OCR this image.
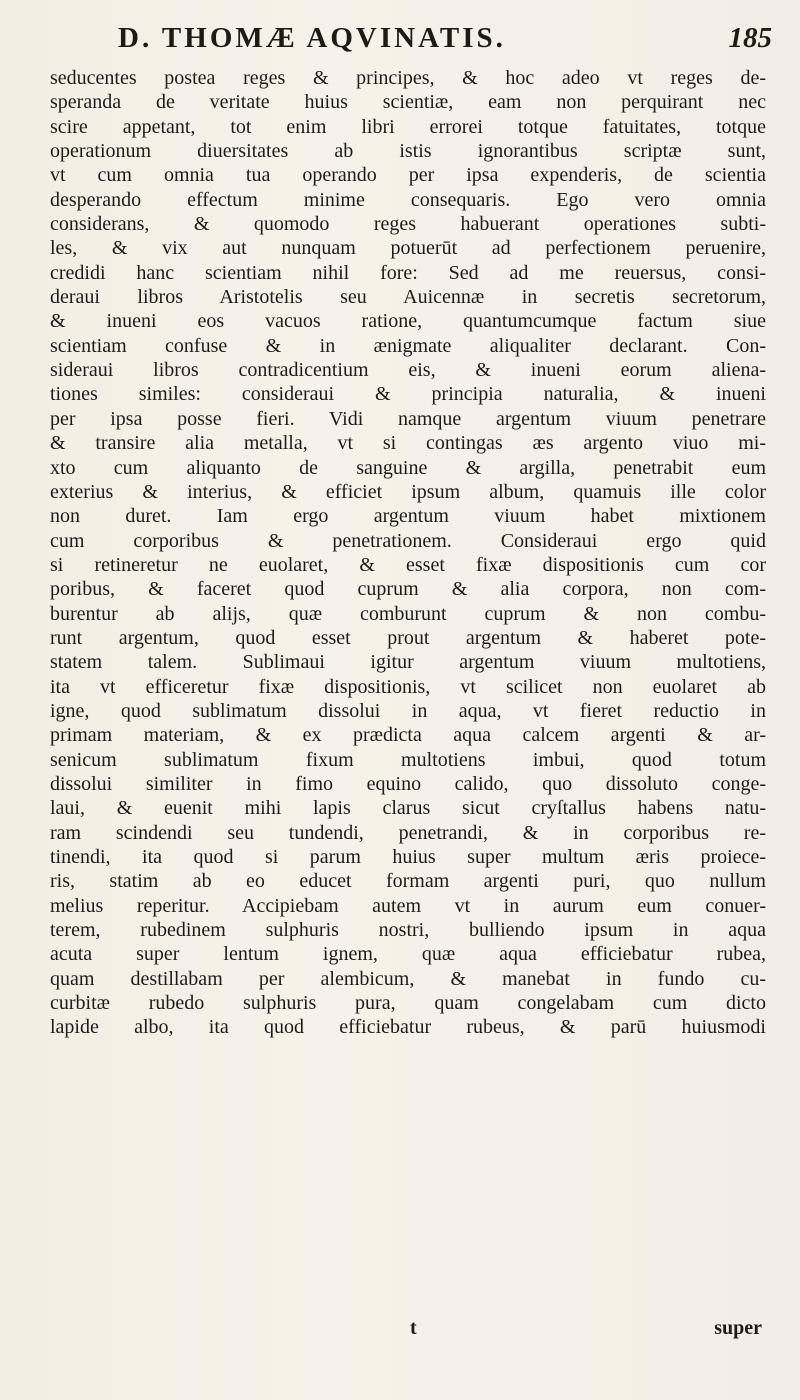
D. THOMÆ AQVINATIS.	185
seducentes postea reges & principes, & hoc adeo vt reges de-
speranda de veritate huius scientiæ, eam non perquirant nec
scire appetant, tot enim libri errorei totque fatuitates, totque
operationum diuersitates ab istis ignorantibus scriptæ sunt,
vt cum omnia tua operando per ipsa expenderis, de scientia
desperando effectum minime consequaris. Ego vero omnia
considerans, & quomodo reges habuerant operationes subti-
les, & vix aut nunquam potuerūt ad perfectionem peruenire,
credidi hanc scientiam nihil fore: Sed ad me reuersus, consi-
deraui libros Aristotelis seu Auicennæ in secretis secretorum,
& inueni eos vacuos ratione, quantumcumque factum siue
scientiam confuse & in ænigmate aliqualiter declarant. Con-
sideraui libros contradicentium eis, & inueni eorum aliena-
tiones similes: consideraui & principia naturalia, & inueni
per ipsa posse fieri. Vidi namque argentum viuum penetrare
& transire alia metalla, vt si contingas æs argento viuo mi-
xto cum aliquanto de sanguine & argilla, penetrabit eum
exterius & interius, & efficiet ipsum album, quamuis ille color
non duret. Iam ergo argentum viuum habet mixtionem
cum corporibus & penetrationem. Consideraui ergo quid
si retineretur ne euolaret, & esset fixæ dispositionis cum cor
poribus, & faceret quod cuprum & alia corpora, non com-
burentur ab alijs, quæ comburunt cuprum & non combu-
runt argentum, quod esset prout argentum & haberet pote-
statem talem. Sublimaui igitur argentum viuum multotiens,
ita vt efficeretur fixæ dispositionis, vt scilicet non euolaret ab
igne, quod sublimatum dissolui in aqua, vt fieret reductio in
primam materiam, & ex prædicta aqua calcem argenti & ar-
senicum sublimatum fixum multotiens imbui, quod totum
dissolui similiter in fimo equino calido, quo dissoluto conge-
laui, & euenit mihi lapis clarus sicut cryſtallus habens natu-
ram scindendi seu tundendi, penetrandi, & in corporibus re-
tinendi, ita quod si parum huius super multum æris proiece-
ris, statim ab eo educet formam argenti puri, quo nullum
melius reperitur. Accipiebam autem vt in aurum eum conuer-
terem, rubedinem sulphuris nostri, bulliendo ipsum in aqua
acuta super lentum ignem, quæ aqua efficiebatur rubea,
quam destillabam per alembicum, & manebat in fundo cu-
curbitæ rubedo sulphuris pura, quam congelabam cum dicto
lapide albo, ita quod efficiebatur rubeus, & parū huiusmodi
t	super
